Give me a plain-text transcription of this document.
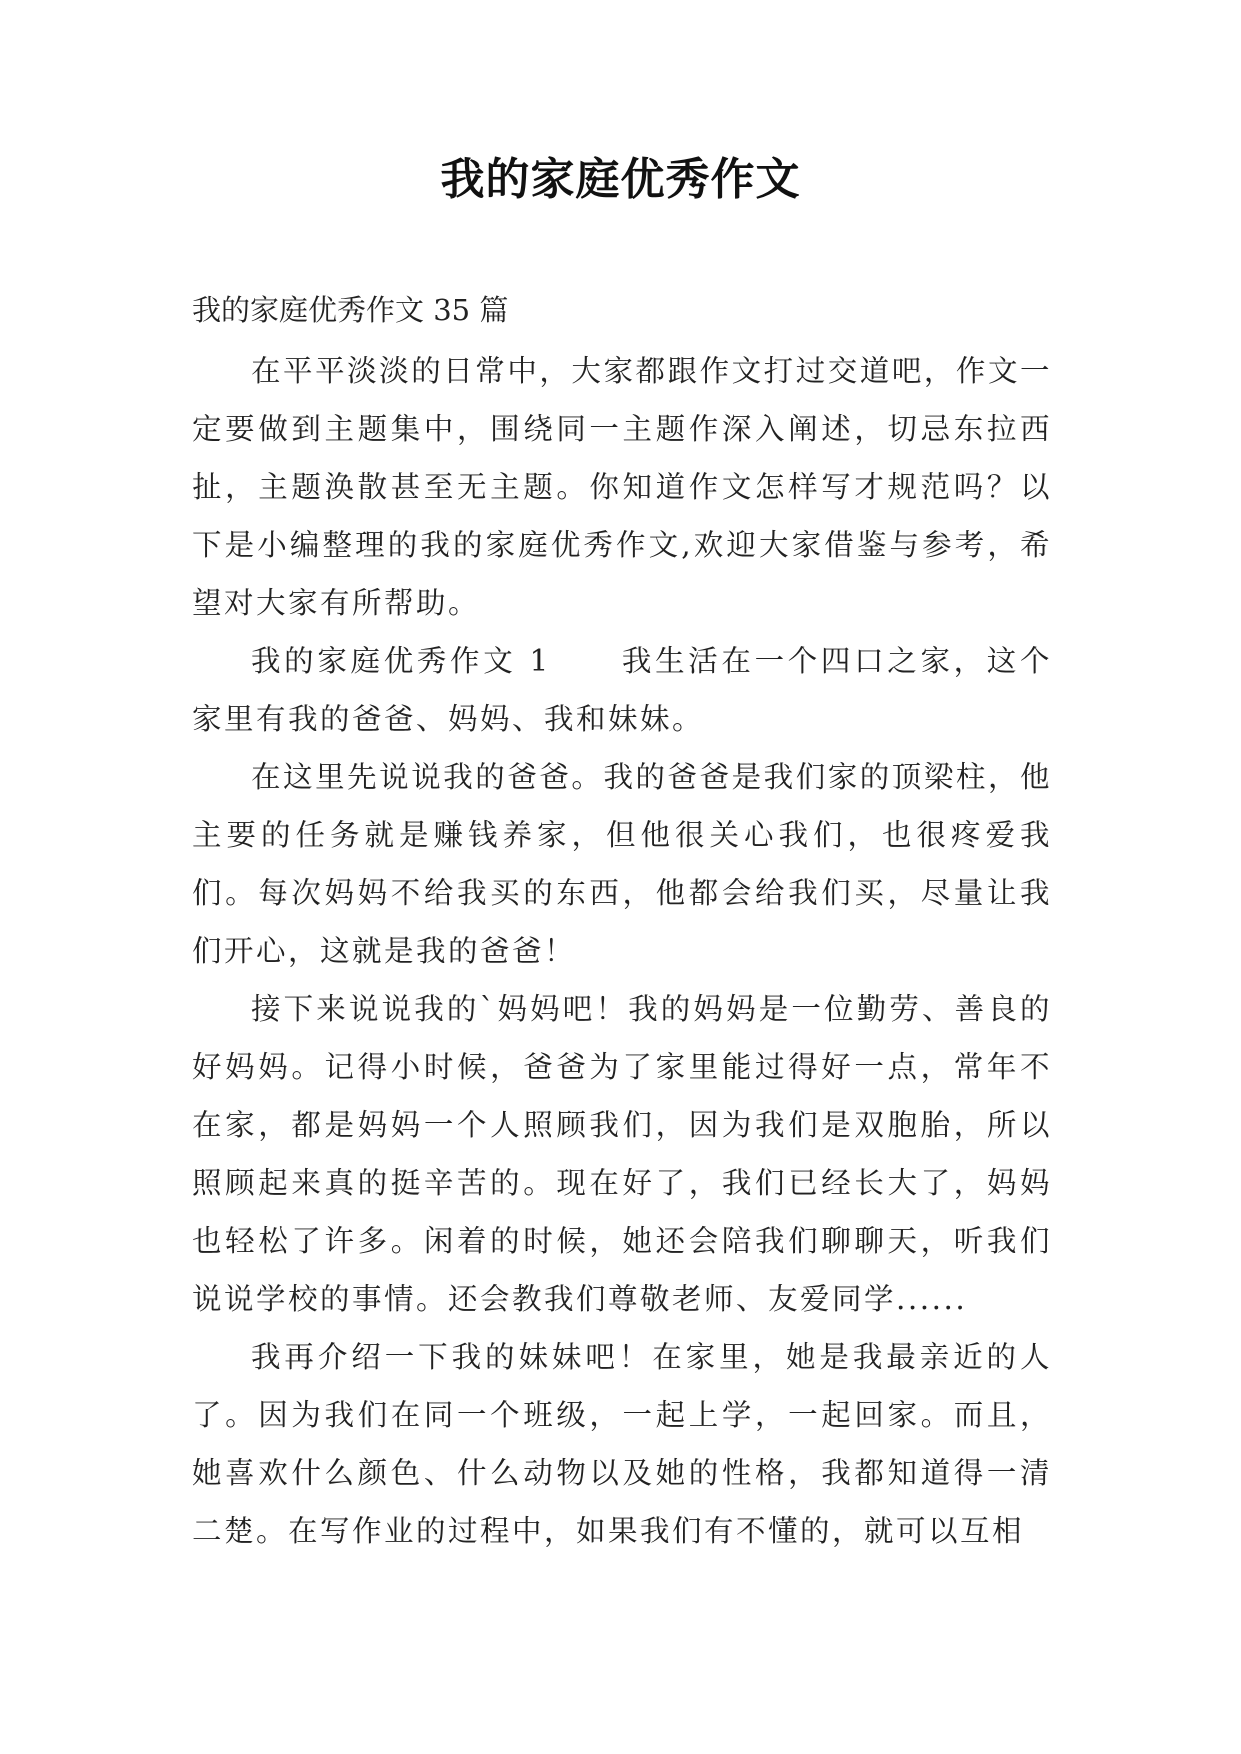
我的家庭优秀作文
我的家庭优秀作文 35 篇

在平平淡淡的日常中，大家都跟作文打过交道吧，作文一定要做到主题集中，围绕同一主题作深入阐述，切忌东拉西扯，主题涣散甚至无主题。你知道作文怎样写才规范吗？以下是小编整理的我的家庭优秀作文,欢迎大家借鉴与参考，希望对大家有所帮助。

我的家庭优秀作文 1 我生活在一个四口之家，这个家里有我的爸爸、妈妈、我和妹妹。

在这里先说说我的爸爸。我的爸爸是我们家的顶梁柱，他主要的任务就是赚钱养家，但他很关心我们，也很疼爱我们。每次妈妈不给我买的东西，他都会给我们买，尽量让我们开心，这就是我的爸爸！

接下来说说我的`妈妈吧！我的妈妈是一位勤劳、善良的好妈妈。记得小时候，爸爸为了家里能过得好一点，常年不在家，都是妈妈一个人照顾我们，因为我们是双胞胎，所以照顾起来真的挺辛苦的。现在好了，我们已经长大了，妈妈也轻松了许多。闲着的时候，她还会陪我们聊聊天，听我们说说学校的事情。还会教我们尊敬老师、友爱同学......

我再介绍一下我的妹妹吧！在家里，她是我最亲近的人了。因为我们在同一个班级，一起上学，一起回家。而且，她喜欢什么颜色、什么动物以及她的性格，我都知道得一清二楚。在写作业的过程中，如果我们有不懂的，就可以互相
